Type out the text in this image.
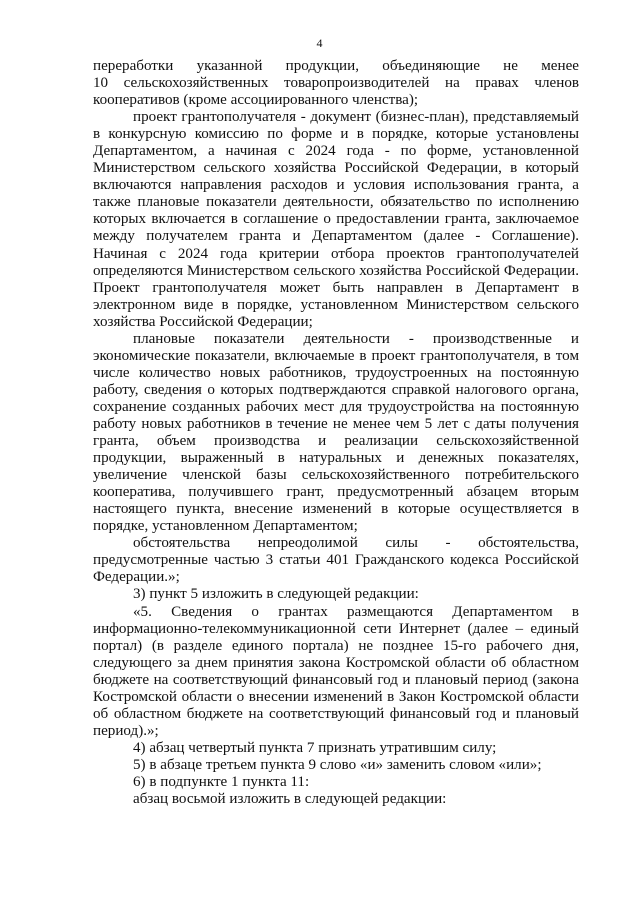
4
переработки указанной продукции, объединяющие не менее
10 сельскохозяйственных товаропроизводителей на правах членов
кооперативов (кроме ассоциированного членства);
проект грантополучателя - документ (бизнес-план), представляемый
в конкурсную комиссию по форме и в порядке, которые установлены
Департаментом, а начиная с 2024 года - по форме, установленной
Министерством сельского хозяйства Российской Федерации, в который
включаются направления расходов и условия использования гранта, а
также плановые показатели деятельности, обязательство по исполнению
которых включается в соглашение о предоставлении гранта, заключаемое
между получателем гранта и Департаментом (далее - Соглашение).
Начиная с 2024 года критерии отбора проектов грантополучателей
определяются Министерством сельского хозяйства Российской Федерации.
Проект грантополучателя может быть направлен в Департамент в
электронном виде в порядке, установленном Министерством сельского
хозяйства Российской Федерации;
плановые показатели деятельности - производственные и
экономические показатели, включаемые в проект грантополучателя, в том
числе количество новых работников, трудоустроенных на постоянную
работу, сведения о которых подтверждаются справкой налогового органа,
сохранение созданных рабочих мест для трудоустройства на постоянную
работу новых работников в течение не менее чем 5 лет с даты получения
гранта, объем производства и реализации сельскохозяйственной
продукции, выраженный в натуральных и денежных показателях,
увеличение членской базы сельскохозяйственного потребительского
кооператива, получившего грант, предусмотренный абзацем вторым
настоящего пункта, внесение изменений в которые осуществляется в
порядке, установленном Департаментом;
обстоятельства непреодолимой силы - обстоятельства,
предусмотренные частью 3 статьи 401 Гражданского кодекса Российской
Федерации.»;
3) пункт 5 изложить в следующей редакции:
«5. Сведения о грантах размещаются Департаментом в
информационно-телекоммуникационной сети Интернет (далее – единый
портал) (в разделе единого портала) не позднее 15-го рабочего дня,
следующего за днем принятия закона Костромской области об областном
бюджете на соответствующий финансовый год и плановый период (закона
Костромской области о внесении изменений в Закон Костромской области
об областном бюджете на соответствующий финансовый год и плановый
период).»;
4) абзац четвертый пункта 7 признать утратившим силу;
5) в абзаце третьем пункта 9 слово «и» заменить словом «или»;
6) в подпункте 1 пункта 11:
абзац восьмой изложить в следующей редакции:
